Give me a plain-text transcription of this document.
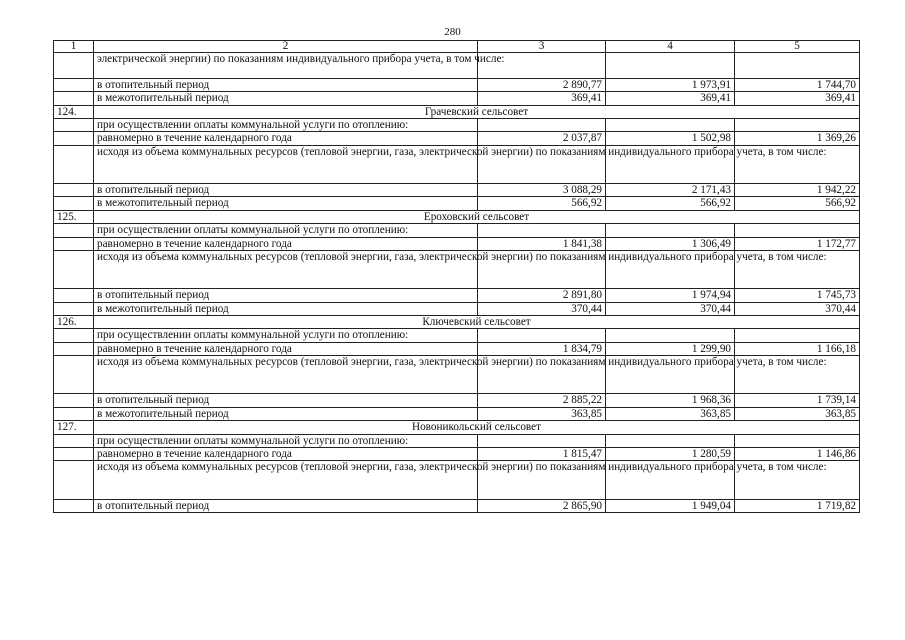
280
1	2	3	4	5
	электрической энергии) по показаниям индивидуального прибора учета, в том числе:			
	в отопительный период	2 890,77	1 973,91	1 744,70
	в межотопительный период	369,41	369,41	369,41
124.	Грачевский сельсовет			
	при осуществлении оплаты коммунальной услуги по отоплению:			
	равномерно в течение календарного года	2 037,87	1 502,98	1 369,26
	исходя из объема коммунальных ресурсов (тепловой энергии, газа, электрической энергии) по показаниям индивидуального прибора учета, в том числе:			
	в отопительный период	3 088,29	2 171,43	1 942,22
	в межотопительный период	566,92	566,92	566,92
125.	Ероховский сельсовет			
	при осуществлении оплаты коммунальной услуги по отоплению:			
	равномерно в течение календарного года	1 841,38	1 306,49	1 172,77
	исходя из объема коммунальных ресурсов (тепловой энергии, газа, электрической энергии) по показаниям индивидуального прибора учета, в том числе:			
	в отопительный период	2 891,80	1 974,94	1 745,73
	в межотопительный период	370,44	370,44	370,44
126.	Ключевский сельсовет			
	при осуществлении оплаты коммунальной услуги по отоплению:			
	равномерно в течение календарного года	1 834,79	1 299,90	1 166,18
	исходя из объема коммунальных ресурсов (тепловой энергии, газа, электрической энергии) по показаниям индивидуального прибора учета, в том числе:			
	в отопительный период	2 885,22	1 968,36	1 739,14
	в межотопительный период	363,85	363,85	363,85
127.	Новоникольский сельсовет			
	при осуществлении оплаты коммунальной услуги по отоплению:			
	равномерно в течение календарного года	1 815,47	1 280,59	1 146,86
	исходя из объема коммунальных ресурсов (тепловой энергии, газа, электрической энергии) по показаниям индивидуального прибора учета, в том числе:			
	в отопительный период	2 865,90	1 949,04	1 719,82
